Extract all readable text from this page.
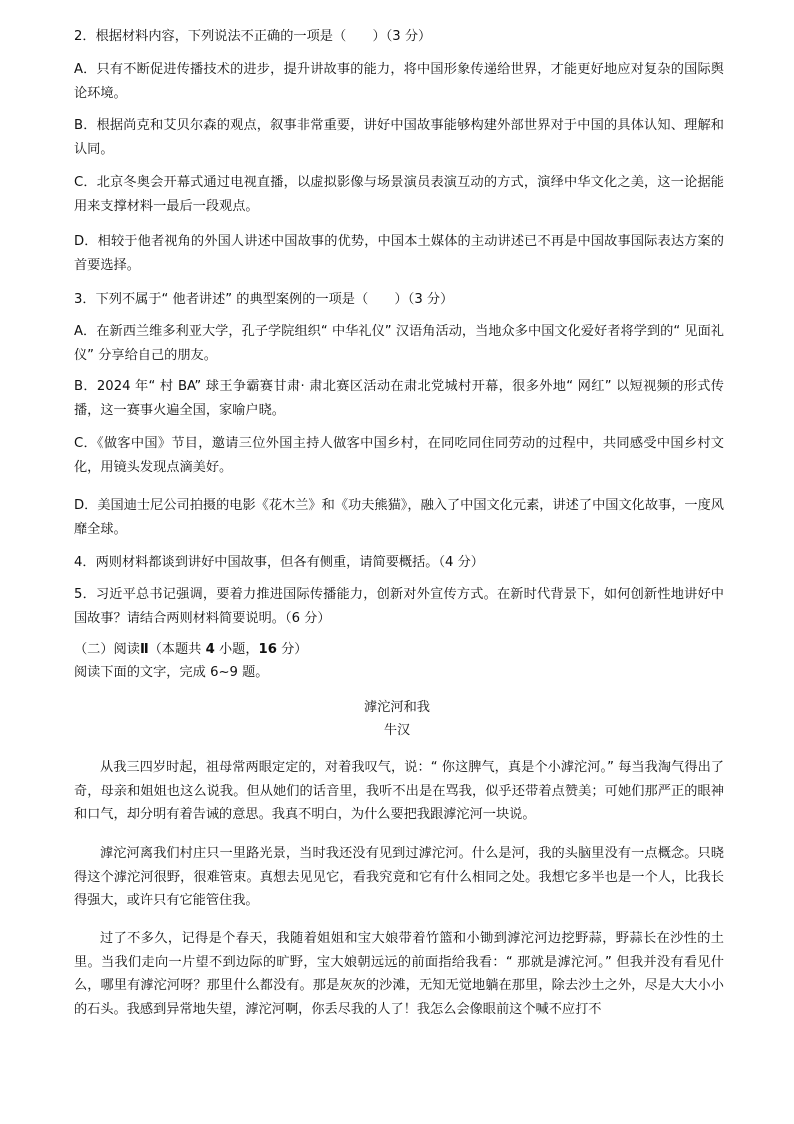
2．根据材料内容，下列说法不正确的一项是（　　）（3 分）

A．只有不断促进传播技术的进步，提升讲故事的能力，将中国形象传递给世界，才能更好地应对复杂的国际舆论环境。

B．根据尚克和艾贝尔森的观点，叙事非常重要，讲好中国故事能够构建外部世界对于中国的具体认知、理解和认同。

C．北京冬奥会开幕式通过电视直播，以虚拟影像与场景演员表演互动的方式，演绎中华文化之美，这一论据能用来支撑材料一最后一段观点。

D．相较于他者视角的外国人讲述中国故事的优势，中国本土媒体的主动讲述已不再是中国故事国际表达方案的首要选择。

3．下列不属于“ 他者讲述” 的典型案例的一项是（　　）（3 分）

A．在新西兰维多利亚大学，孔子学院组织“ 中华礼仪” 汉语角活动，当地众多中国文化爱好者将学到的“ 见面礼仪” 分享给自己的朋友。

B．2024 年“ 村 BA” 球王争霸赛甘肃· 肃北赛区活动在肃北党城村开幕，很多外地“ 网红” 以短视频的形式传播，这一赛事火遍全国，家喻户晓。

C．《做客中国》节目，邀请三位外国主持人做客中国乡村，在同吃同住同劳动的过程中，共同感受中国乡村文化，用镜头发现点滴美好。

D．美国迪士尼公司拍摄的电影《花木兰》和《功夫熊猫》，融入了中国文化元素，讲述了中国文化故事，一度风靡全球。

4．两则材料都谈到讲好中国故事，但各有侧重，请简要概括。（4 分）

5．习近平总书记强调，要着力推进国际传播能力，创新对外宣传方式。在新时代背景下，如何创新性地讲好中国故事？请结合两则材料简要说明。（6 分）

（二）阅读Ⅱ（本题共 4 小题，16 分）

阅读下面的文字，完成 6~9 题。

滹沱河和我

牛汉

从我三四岁时起，祖母常两眼定定的，对着我叹气，说：“ 你这脾气，真是个小滹沱河。” 每当我淘气得出了奇，母亲和姐姐也这么说我。但从她们的话音里，我听不出是在骂我，似乎还带着点赞美；可她们那严正的眼神和口气，却分明有着告诫的意思。我真不明白，为什么要把我跟滹沱河一块说。

滹沱河离我们村庄只一里路光景，当时我还没有见到过滹沱河。什么是河，我的头脑里没有一点概念。只晓得这个滹沱河很野，很难管束。真想去见见它，看我究竟和它有什么相同之处。我想它多半也是一个人，比我长得强大，或许只有它能管住我。

过了不多久，记得是个春天，我随着姐姐和宝大娘带着竹篮和小锄到滹沱河边挖野蒜，野蒜长在沙性的土里。当我们走向一片望不到边际的旷野，宝大娘朝远远的前面指给我看：“ 那就是滹沱河。” 但我并没有看见什么，哪里有滹沱河呀？那里什么都没有。那是灰灰的沙滩，无知无觉地躺在那里，除去沙土之外，尽是大大小小的石头。我感到异常地失望，滹沱河啊，你丢尽我的人了！我怎么会像眼前这个喊不应打不
